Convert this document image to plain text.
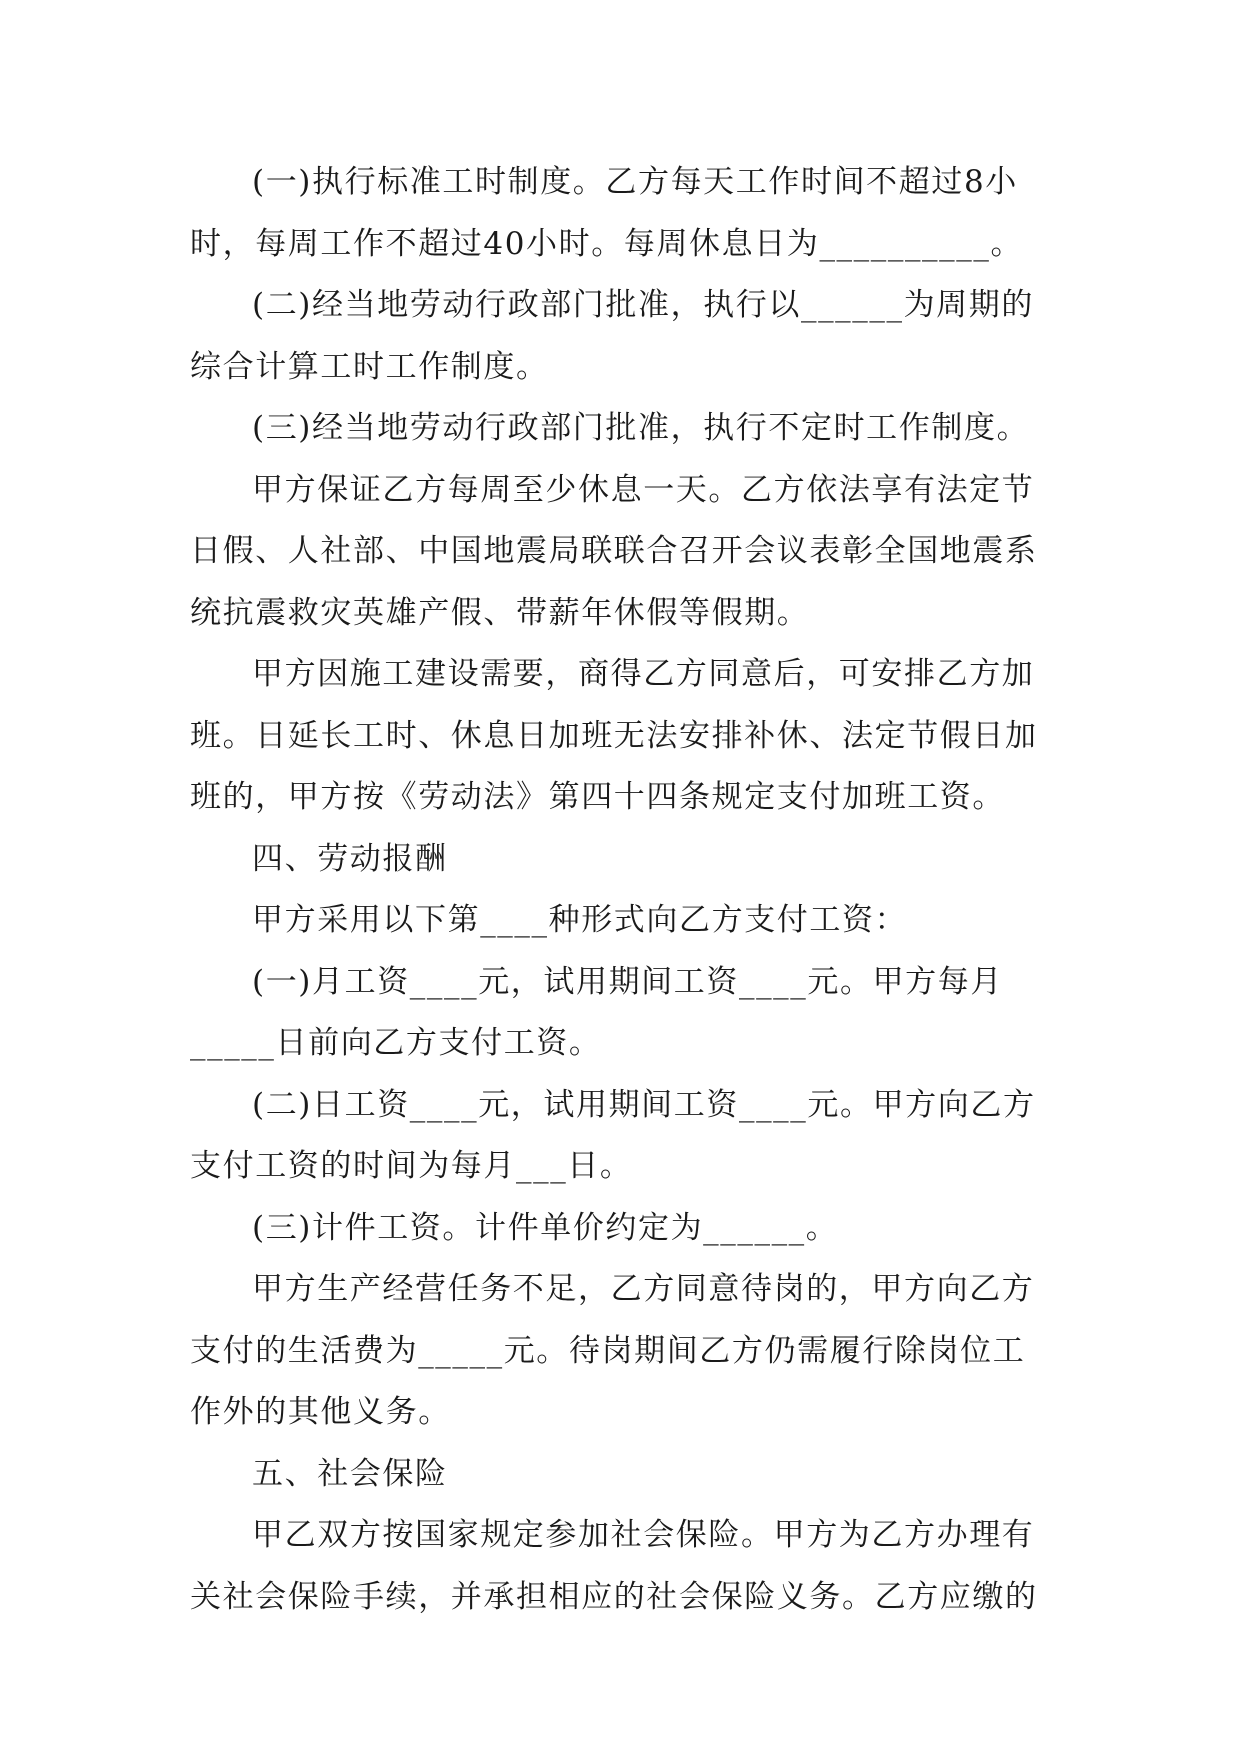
(一)执行标准工时制度。乙方每天工作时间不超过8小
时，每周工作不超过40小时。每周休息日为__________。
(二)经当地劳动行政部门批准，执行以______为周期的
综合计算工时工作制度。
(三)经当地劳动行政部门批准，执行不定时工作制度。
甲方保证乙方每周至少休息一天。乙方依法享有法定节
日假、人社部、中国地震局联联合召开会议表彰全国地震系
统抗震救灾英雄产假、带薪年休假等假期。
甲方因施工建设需要，商得乙方同意后，可安排乙方加
班。日延长工时、休息日加班无法安排补休、法定节假日加
班的，甲方按《劳动法》第四十四条规定支付加班工资。
四、劳动报酬
甲方采用以下第____种形式向乙方支付工资：
(一)月工资____元，试用期间工资____元。甲方每月
_____日前向乙方支付工资。
(二)日工资____元，试用期间工资____元。甲方向乙方
支付工资的时间为每月___日。
(三)计件工资。计件单价约定为______。
甲方生产经营任务不足，乙方同意待岗的，甲方向乙方
支付的生活费为_____元。待岗期间乙方仍需履行除岗位工
作外的其他义务。
五、社会保险
甲乙双方按国家规定参加社会保险。甲方为乙方办理有
关社会保险手续，并承担相应的社会保险义务。乙方应缴的
